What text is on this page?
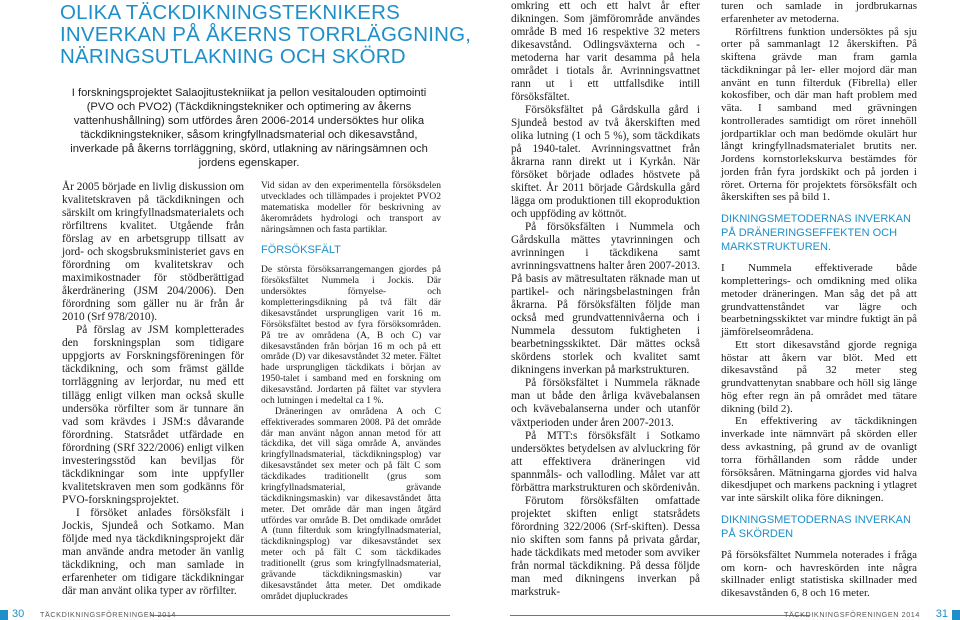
OLIKA TÄCKDIKNINGSTEKNIKERS
INVERKAN PÅ ÅKERNS TORRLÄGGNING,
NÄRINGSUTLAKNING OCH SKÖRD
I forskningsprojektet Salaojitustekniikat ja pellon vesitalouden optimointi (PVO och PVO2) (Täckdikningstekniker och optimering av åkerns vattenhushållning) som utfördes åren 2006-2014 undersöktes hur olika täckdikningstekniker, såsom kringfyllnadsmaterial och dikesavstånd, inverkade på åkerns torrläggning, skörd, utlakning av näringsämnen och jordens egenskaper.

År 2005 började en livlig diskussion om kvalitetskraven på täckdikningen och särskilt om kringfyllnadsmaterialets och rörfiltrens kvalitet. Utgående från förslag av en arbetsgrupp tillsatt av jord- och skogsbruksministeriet gavs en förordning om kvalitetskrav och maximikostnader för stödberättigad åkerdränering (JSM 204/2006). Den förordning som gäller nu är från år 2010 (Srf 978/2010).

På förslag av JSM kompletterades den forskningsplan som tidigare uppgjorts av Forskningsföreningen för täckdikning, och som främst gällde torrläggning av lerjordar, nu med ett tillägg enligt vilken man också skulle undersöka rörfilter som är tunnare än vad som krävdes i JSM:s dåvarande förordning. Statsrådet utfärdade en förordning (SRf 322/2006) enligt vilken investeringsstöd kan beviljas för täckdikningar som inte uppfyller kvalitetskraven men som godkänns för PVO-forskningsprojektet.

I försöket anlades försöksfält i Jockis, Sjundeå och Sotkamo. Man följde med nya täckdikningsprojekt där man använde andra metoder än vanlig täckdikning, och man samlade in erfarenheter om tidigare täckdikningar där man använt olika typer av rörfilter.

Vid sidan av den experimentella försöksdelen utvecklades och tillämpades i projektet PVO2 matematiska modeller för beskrivning av åkerområdets hydrologi och transport av näringsämnen och fasta partiklar.

FÖRSÖKSFÄLT

De största försöksarrangemangen gjordes på försöksfältet Nummela i Jockis. Där undersöktes förnyelse- och kompletteringsdikning på två fält där dikesavståndet ursprungligen varit 16 m. Försöksfältet bestod av fyra försöksområden. På tre av områdena (A, B och C) var dikesavstånden från början 16 m och på ett område (D) var dikesavståndet 32 meter. Fältet hade ursprungligen täckdikats i början av 1950-talet i samband med en forskning om dikesavstånd. Jordarten på fältet var styvlera och lutningen i medeltal ca 1 %.

Dräneringen av områdena A och C effektiverades sommaren 2008. På det område där man använt någon annan metod för att täckdika, det vill säga område A, användes kringfyllnadsmaterial, täckdikningsplog) var dikesavståndet sex meter och på fält C som täckdikades traditionellt (grus som kringfyllnadsmaterial, grävande täckdikningsmaskin) var dikesavståndet åtta meter. Det område där man ingen åtgärd utfördes var område B. Det omdikade området A (tunn filterduk som kringfyllnadsmaterial, täckdikningsplog) var dikesavståndet sex meter och på fält C som täckdikades traditionellt (grus som kringfyllnadsmaterial, grävande täckdikningsmaskin) var dikesavståndet åtta meter. Det omdikade området djupluckrades

omkring ett och ett halvt år efter dikningen. Som jämförområde användes område B med 16 respektive 32 meters dikesavstånd. Odlingsväxterna och -metoderna har varit desamma på hela området i tiotals år. Avrinningsvattnet rann ut i ett uttfallsdike intill försöksfältet.

Försöksfältet på Gårdskulla gård i Sjundeå bestod av två åkerskiften med olika lutning (1 och 5 %), som täckdikats på 1940-talet. Avrinningsvattnet från åkrarna rann direkt ut i Kyrkån. När försöket började odlades höstvete på skiftet. År 2011 började Gårdskulla gård lägga om produktionen till ekoproduktion och uppföding av köttnöt.

På försöksfälten i Nummela och Gårdskulla mättes ytavrinningen och avrinningen i täckdikena samt avrinningsvattnens halter åren 2007-2013. På basis av mätresultaten räknade man ut partikel- och näringsbelastningen från åkrarna. På försöksfälten följde man också med grundvattennivåerna och i Nummela dessutom fuktigheten i bearbetningsskiktet. Där mättes också skördens storlek och kvalitet samt dikningens inverkan på markstrukturen.

På försöksfältet i Nummela räknade man ut både den årliga kvävebalansen och kvävebalanserna under och utanför växtperioden under åren 2007-2013.

På MTT:s försöksfält i Sotkamo undersöktes betydelsen av alvluckring för att effektivera dräneringen vid spannmåls- och vallodling. Målet var att förbättra markstrukturen och skördenivån.

Förutom försöksfälten omfattade projektet skiften enligt statsrådets förordning 322/2006 (Srf-skiften). Dessa nio skiften som fanns på privata gårdar, hade täckdikats med metoder som avviker från normal täckdikning. På dessa följde man med dikningens inverkan på markstruk-

turen och samlade in jordbrukarnas erfarenheter av metoderna.

Rörfiltrens funktion undersöktes på sju orter på sammanlagt 12 åkerskiften. På skiftena grävde man fram gamla täckdikningar på ler- eller mojord där man använt en tunn filterduk (Fibrella) eller kokosfiber, och där man haft problem med väta. I samband med grävningen kontrollerades samtidigt om röret innehöll jordpartiklar och man bedömde okulärt hur långt kringfyllnadsmaterialet brutits ner. Jordens kornstorlekskurva bestämdes för jorden från fyra jordskikt och på jorden i röret. Orterna för projektets försöksfält och åkerskiften ses på bild 1.

DIKNINGSMETODERNAS INVERKAN PÅ DRÄNERINGSEFFEKTEN OCH MARKSTRUKTUREN.

I Nummela effektiverade både kompletterings- och omdikning med olika metoder dräneringen. Man såg det på att grundvattenståndet var lägre och bearbetningsskiktet var mindre fuktigt än på jämförelseområdena.

Ett stort dikesavstånd gjorde regniga höstar att åkern var blöt. Med ett dikesavstånd på 32 meter steg grundvattenytan snabbare och höll sig länge hög efter regn än på området med tätare dikning (bild 2).

En effektivering av täckdikningen inverkade inte nämnvärt på skörden eller dess avkastning, på grund av de ovanligt torra förhållanden som rådde under försöksåren. Mätningarna gjordes vid halva dikesdjupet och markens packning i ytlagret var inte särskilt olika före dikningen.

DIKNINGSMETODERNAS INVERKAN PÅ SKÖRDEN

På försöksfältet Nummela noterades i fråga om korn- och havreskörden inte några skillnader enligt statistiska skillnader med dikesavstånden 6, 8 och 16 meter.

30 TÄCKDIKNINGSFÖRENINGEN 2014	TÄCKDIKNINGSFÖRENINGEN 2014 31
